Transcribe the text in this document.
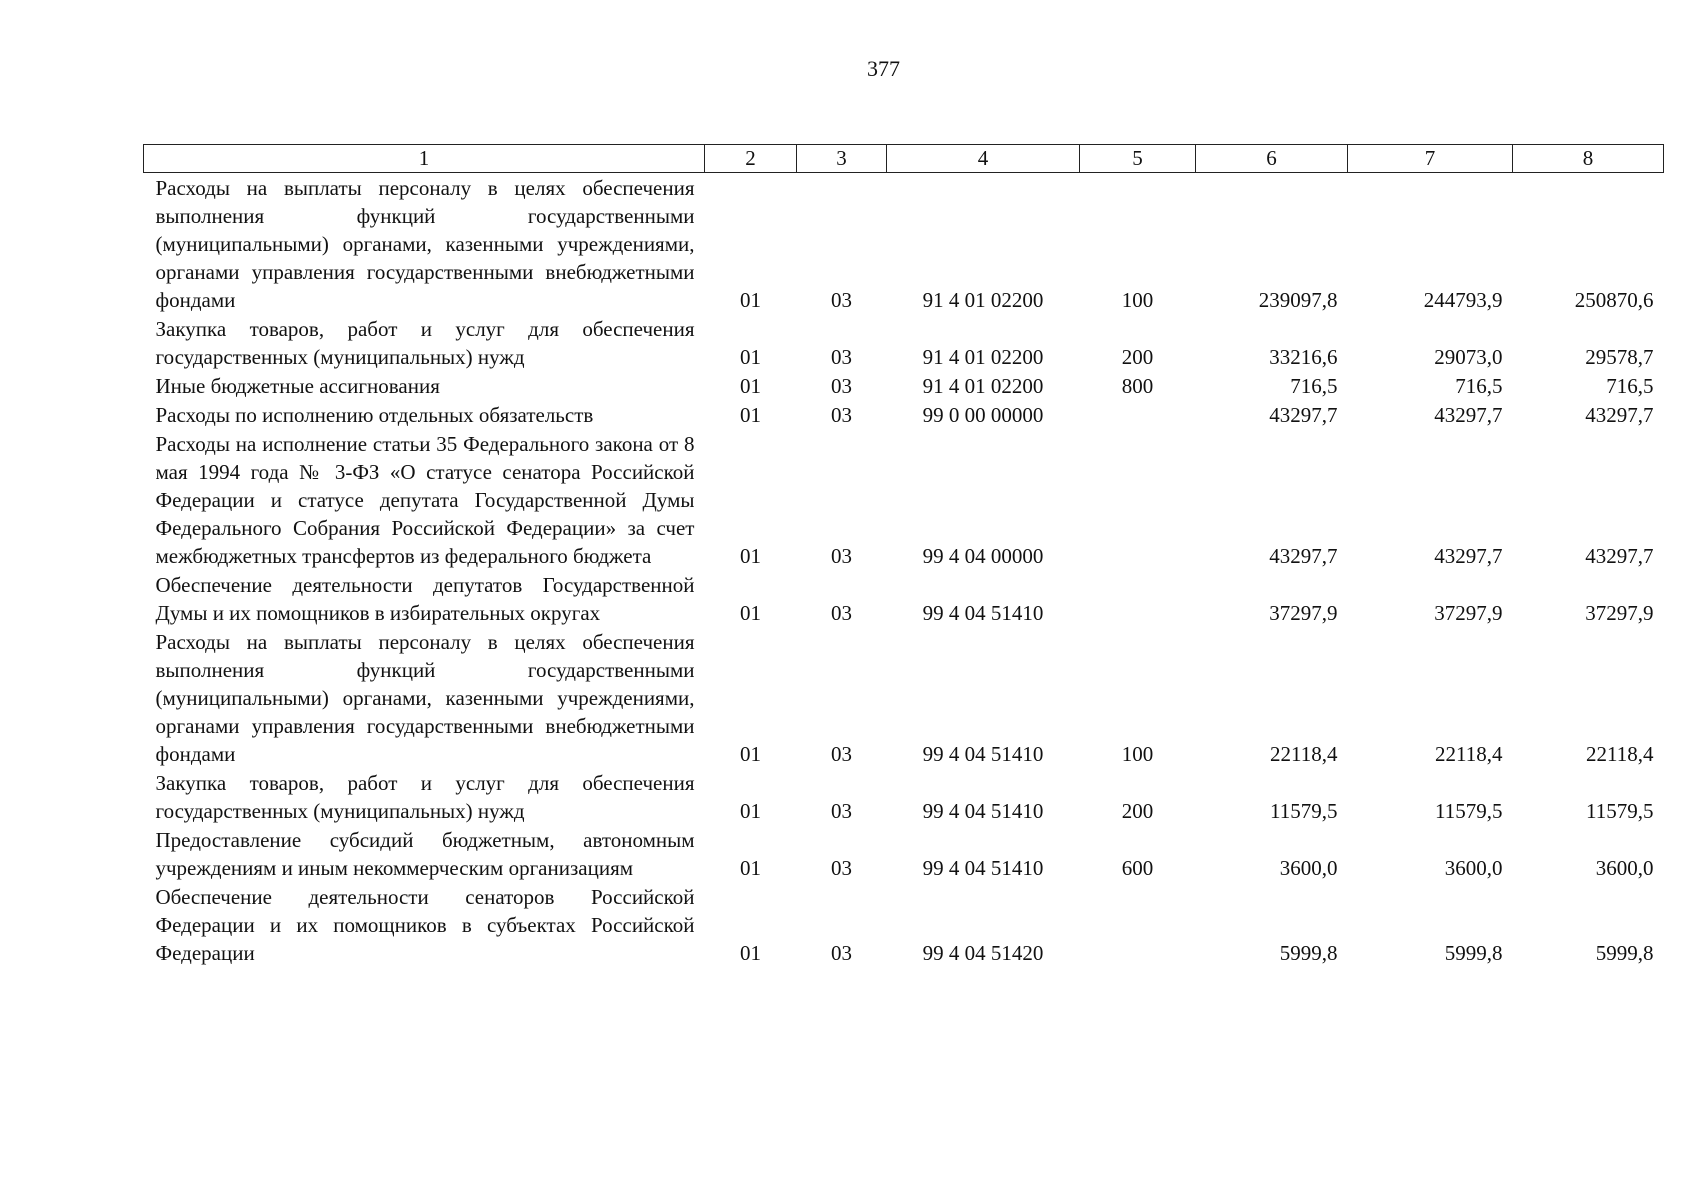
377
1	2	3	4	5	6	7	8
Расходы на выплаты персоналу в целях обеспечения выполнения функций государственными (муниципальными) органами, казенными учреждениями, органами управления государственными внебюджетными фондами	01	03	91 4 01 02200	100	239097,8	244793,9	250870,6
Закупка товаров, работ и услуг для обеспечения государственных (муниципальных) нужд	01	03	91 4 01 02200	200	33216,6	29073,0	29578,7
Иные бюджетные ассигнования	01	03	91 4 01 02200	800	716,5	716,5	716,5
Расходы по исполнению отдельных обязательств	01	03	99 0 00 00000		43297,7	43297,7	43297,7
Расходы на исполнение статьи 35 Федерального закона от 8 мая 1994 года № 3-ФЗ «О статусе сенатора Российской Федерации и статусе депутата Государственной Думы Федерального Собрания Российской Федерации» за счет межбюджетных трансфертов из федерального бюджета	01	03	99 4 04 00000		43297,7	43297,7	43297,7
Обеспечение деятельности депутатов Государственной Думы и их помощников в избирательных округах	01	03	99 4 04 51410		37297,9	37297,9	37297,9
Расходы на выплаты персоналу в целях обеспечения выполнения функций государственными (муниципальными) органами, казенными учреждениями, органами управления государственными внебюджетными фондами	01	03	99 4 04 51410	100	22118,4	22118,4	22118,4
Закупка товаров, работ и услуг для обеспечения государственных (муниципальных) нужд	01	03	99 4 04 51410	200	11579,5	11579,5	11579,5
Предоставление субсидий бюджетным, автономным учреждениям и иным некоммерческим организациям	01	03	99 4 04 51410	600	3600,0	3600,0	3600,0
Обеспечение деятельности сенаторов Российской Федерации и их помощников в субъектах Российской Федерации	01	03	99 4 04 51420		5999,8	5999,8	5999,8
